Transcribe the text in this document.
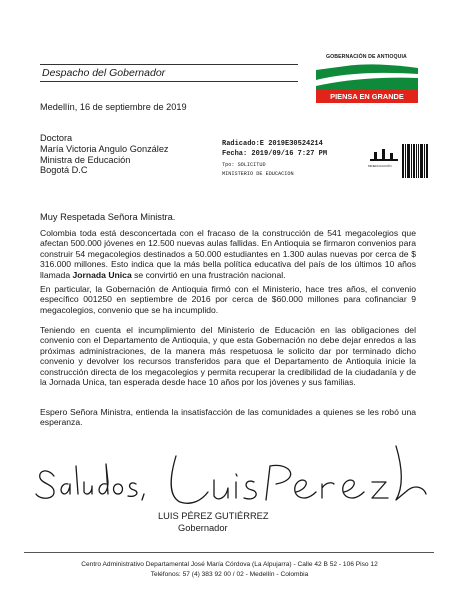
Despacho del Gobernador
GOBERNACIÓN DE ANTIOQUIA
PIENSA EN GRANDE
Medellín, 16 de septiembre de 2019
Doctora
María Victoria Angulo González
Ministra de Educación
Bogotá D.C
Radicado:E 2019ЕЗ0524214
Fecha: 2019/09/16 7:27 PM
Tpo: SOLICITUD
MINISTERIO DE EDUCACION
MINEDUCACIÓN
Muy Respetada Señora Ministra.
Colombia toda está desconcertada con el fracaso de la construcción de 541 megacolegios que afectan 500.000 jóvenes en 12.500 nuevas aulas fallidas. En Antioquia se firmaron convenios para construir 54 megacolegios destinados a 50.000 estudiantes en 1.300 aulas nuevas por cerca de $ 316.000 millones. Esto indica que la más bella política educativa del país de los últimos 10 años llamada Jornada Unica se convirtió en una frustración nacional.
En particular, la Gobernación de Antioquia firmó con el Ministerio, hace tres años, el convenio específico 001250 en septiembre de 2016 por cerca de $60.000 millones para cofinanciar 9 megacolegios, convenio que se ha incumplido.
Teniendo en cuenta el incumplimiento del Ministerio de Educación en las obligaciones del convenio con el Departamento de Antioquia, y que esta Gobernación no debe dejar enredos a las próximas administraciones, de la manera más respetuosa le solicito dar por terminado dicho convenio y devolver los recursos transferidos para que el Departamento de Antioquia inicie la construcción directa de los megacolegios y permita recuperar la credibilidad de la ciudadanía y de la Jornada Unica, tan esperada desde hace 10 años por los jóvenes y sus familias.
Espero Señora Ministra, entienda la insatisfacción de las comunidades a quienes se les robó una esperanza.
LUIS PÉREZ GUTIÉRREZ
Gobernador
Centro Administrativo Departamental José María Córdova (La Alpujarra) - Calle 42 B 52 - 106 Piso 12
Teléfonos: 57 (4) 383 92 00 / 02 - Medellín - Colombia
